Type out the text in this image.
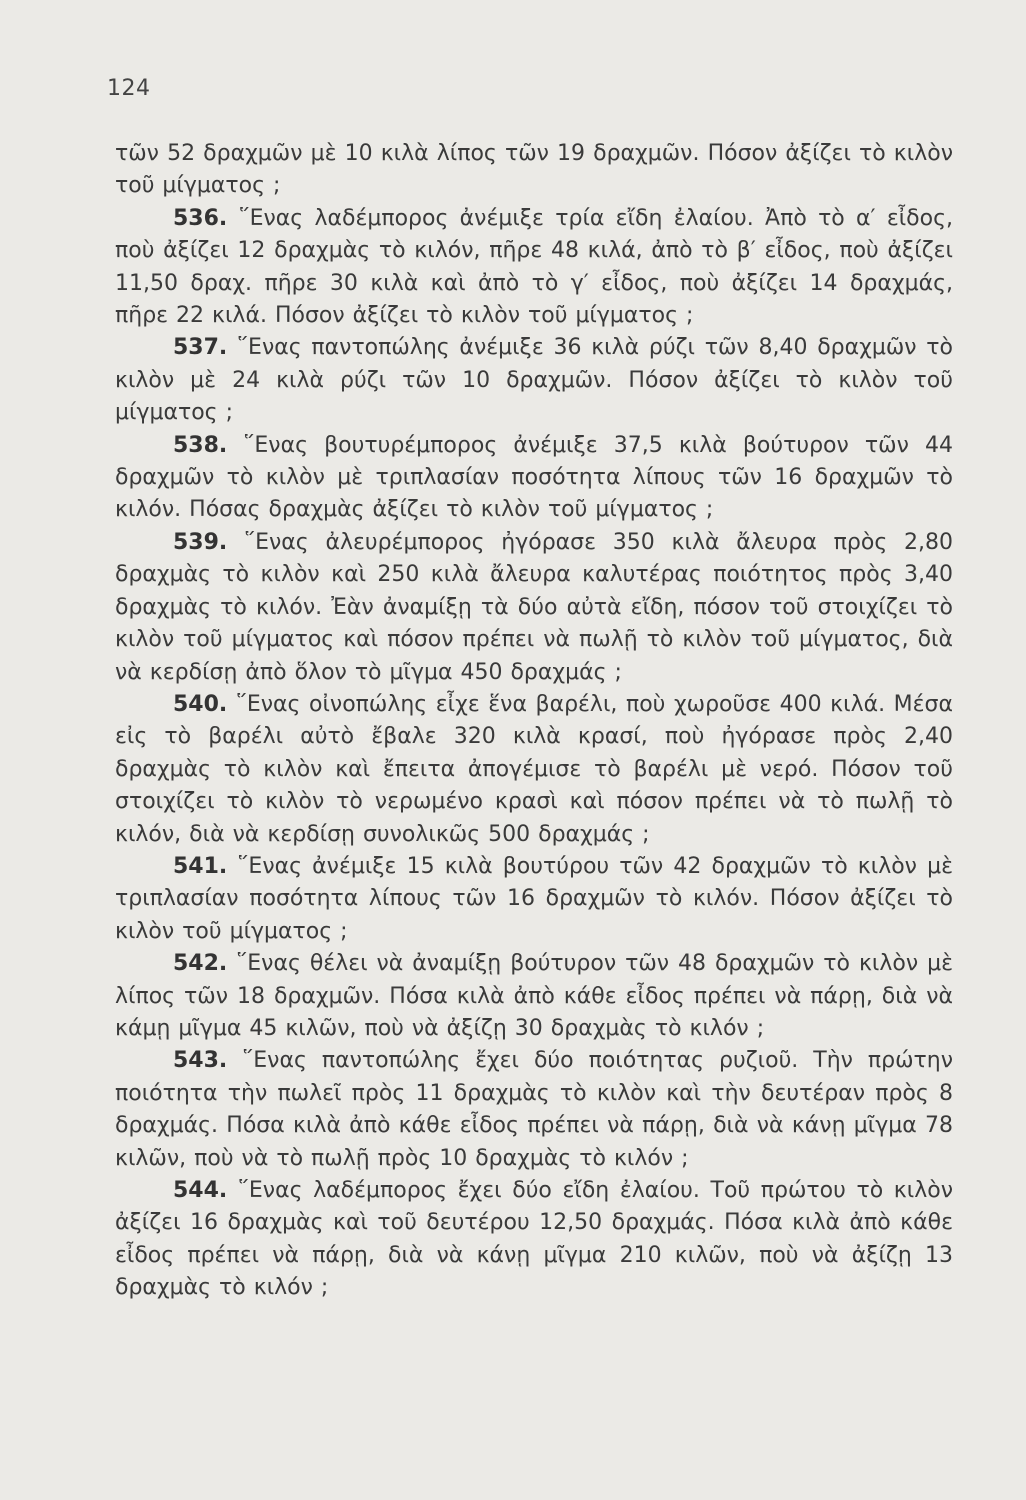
124

τῶν 52 δραχμῶν μὲ 10 κιλὰ λίπος τῶν 19 δραχμῶν. Πόσον ἀξίζει τὸ κιλὸν τοῦ μίγματος ;

536. ῞Ενας λαδέμπορος ἀνέμιξε τρία εἴδη ἐλαίου. Ἀπὸ τὸ α′ εἶδος, ποὺ ἀξίζει 12 δραχμὰς τὸ κιλόν, πῆρε 48 κιλά, ἀπὸ τὸ β′ εἶδος, ποὺ ἀξίζει 11,50 δραχ. πῆρε 30 κιλὰ καὶ ἀπὸ τὸ γ′ εἶδος, ποὺ ἀξίζει 14 δραχμάς, πῆρε 22 κιλά. Πόσον ἀξίζει τὸ κιλὸν τοῦ μίγματος ;

537. ῞Ενας παντοπώλης ἀνέμιξε 36 κιλὰ ρύζι τῶν 8,40 δραχμῶν τὸ κιλὸν μὲ 24 κιλὰ ρύζι τῶν 10 δραχμῶν. Πόσον ἀξίζει τὸ κιλὸν τοῦ μίγματος ;

538. ῞Ενας βουτυρέμπορος ἀνέμιξε 37,5 κιλὰ βούτυρον τῶν 44 δραχμῶν τὸ κιλὸν μὲ τριπλασίαν ποσότητα λίπους τῶν 16 δραχμῶν τὸ κιλόν. Πόσας δραχμὰς ἀξίζει τὸ κιλὸν τοῦ μίγματος ;

539. ῞Ενας ἀλευρέμπορος ἠγόρασε 350 κιλὰ ἄλευρα πρὸς 2,80 δραχμὰς τὸ κιλὸν καὶ 250 κιλὰ ἄλευρα καλυτέρας ποιότητος πρὸς 3,40 δραχμὰς τὸ κιλόν. Ἐὰν ἀναμίξῃ τὰ δύο αὐτὰ εἴδη, πόσον τοῦ στοιχίζει τὸ κιλὸν τοῦ μίγματος καὶ πόσον πρέπει νὰ πωλῇ τὸ κιλὸν τοῦ μίγματος, διὰ νὰ κερδίσῃ ἀπὸ ὅλον τὸ μῖγμα 450 δραχμάς ;

540. ῞Ενας οἰνοπώλης εἶχε ἕνα βαρέλι, ποὺ χωροῦσε 400 κιλά. Μέσα εἰς τὸ βαρέλι αὐτὸ ἔβαλε 320 κιλὰ κρασί, ποὺ ἠγόρασε πρὸς 2,40 δραχμὰς τὸ κιλὸν καὶ ἔπειτα ἀπογέμισε τὸ βαρέλι μὲ νερό. Πόσον τοῦ στοιχίζει τὸ κιλὸν τὸ νερωμένο κρασὶ καὶ πόσον πρέπει νὰ τὸ πωλῇ τὸ κιλόν, διὰ νὰ κερδίσῃ συνολικῶς 500 δραχμάς ;

541. ῞Ενας ἀνέμιξε 15 κιλὰ βουτύρου τῶν 42 δραχμῶν τὸ κιλὸν μὲ τριπλασίαν ποσότητα λίπους τῶν 16 δραχμῶν τὸ κιλόν. Πόσον ἀξίζει τὸ κιλὸν τοῦ μίγματος ;

542. ῞Ενας θέλει νὰ ἀναμίξῃ βούτυρον τῶν 48 δραχμῶν τὸ κιλὸν μὲ λίπος τῶν 18 δραχμῶν. Πόσα κιλὰ ἀπὸ κάθε εἶδος πρέπει νὰ πάρῃ, διὰ νὰ κάμῃ μῖγμα 45 κιλῶν, ποὺ νὰ ἀξίζῃ 30 δραχμὰς τὸ κιλόν ;

543. ῞Ενας παντοπώλης ἔχει δύο ποιότητας ρυζιοῦ. Τὴν πρώτην ποιότητα τὴν πωλεῖ πρὸς 11 δραχμὰς τὸ κιλὸν καὶ τὴν δευτέραν πρὸς 8 δραχμάς. Πόσα κιλὰ ἀπὸ κάθε εἶδος πρέπει νὰ πάρῃ, διὰ νὰ κάνῃ μῖγμα 78 κιλῶν, ποὺ νὰ τὸ πωλῇ πρὸς 10 δραχμὰς τὸ κιλόν ;

544. ῞Ενας λαδέμπορος ἔχει δύο εἴδη ἐλαίου. Τοῦ πρώτου τὸ κιλὸν ἀξίζει 16 δραχμὰς καὶ τοῦ δευτέρου 12,50 δραχμάς. Πόσα κιλὰ ἀπὸ κάθε εἶδος πρέπει νὰ πάρῃ, διὰ νὰ κάνῃ μῖγμα 210 κιλῶν, ποὺ νὰ ἀξίζῃ 13 δραχμὰς τὸ κιλόν ;
